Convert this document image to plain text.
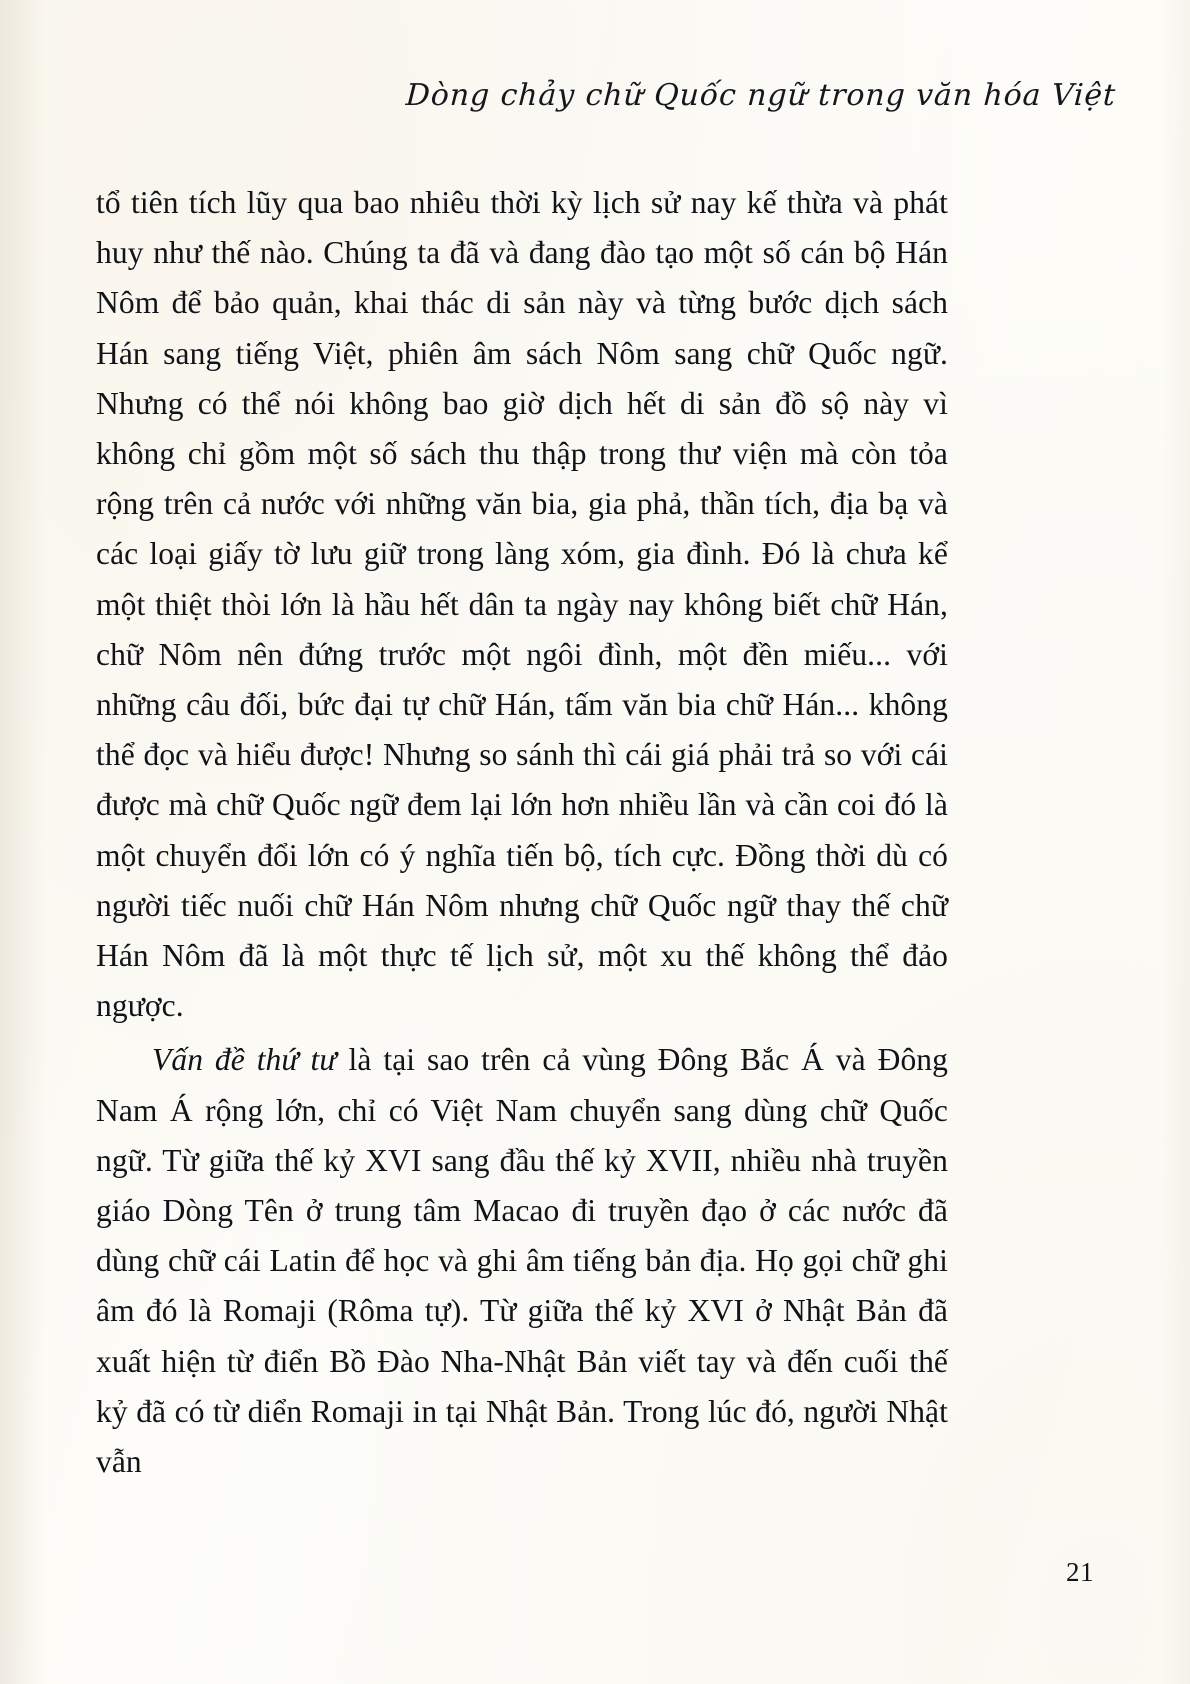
Dòng chảy chữ Quốc ngữ trong văn hóa Việt

tổ tiên tích lũy qua bao nhiêu thời kỳ lịch sử nay kế thừa và phát huy như thế nào. Chúng ta đã và đang đào tạo một số cán bộ Hán Nôm để bảo quản, khai thác di sản này và từng bước dịch sách Hán sang tiếng Việt, phiên âm sách Nôm sang chữ Quốc ngữ. Nhưng có thể nói không bao giờ dịch hết di sản đồ sộ này vì không chỉ gồm một số sách thu thập trong thư viện mà còn tỏa rộng trên cả nước với những văn bia, gia phả, thần tích, địa bạ và các loại giấy tờ lưu giữ trong làng xóm, gia đình. Đó là chưa kể một thiệt thòi lớn là hầu hết dân ta ngày nay không biết chữ Hán, chữ Nôm nên đứng trước một ngôi đình, một đền miếu... với những câu đối, bức đại tự chữ Hán, tấm văn bia chữ Hán... không thể đọc và hiểu được! Nhưng so sánh thì cái giá phải trả so với cái được mà chữ Quốc ngữ đem lại lớn hơn nhiều lần và cần coi đó là một chuyển đổi lớn có ý nghĩa tiến bộ, tích cực. Đồng thời dù có người tiếc nuối chữ Hán Nôm nhưng chữ Quốc ngữ thay thế chữ Hán Nôm đã là một thực tế lịch sử, một xu thế không thể đảo ngược.

Vấn đề thứ tư là tại sao trên cả vùng Đông Bắc Á và Đông Nam Á rộng lớn, chỉ có Việt Nam chuyển sang dùng chữ Quốc ngữ. Từ giữa thế kỷ XVI sang đầu thế kỷ XVII, nhiều nhà truyền giáo Dòng Tên ở trung tâm Macao đi truyền đạo ở các nước đã dùng chữ cái Latin để học và ghi âm tiếng bản địa. Họ gọi chữ ghi âm đó là Romaji (Rôma tự). Từ giữa thế kỷ XVI ở Nhật Bản đã xuất hiện từ điển Bồ Đào Nha-Nhật Bản viết tay và đến cuối thế kỷ đã có từ diển Romaji in tại Nhật Bản. Trong lúc đó, người Nhật vẫn

21
